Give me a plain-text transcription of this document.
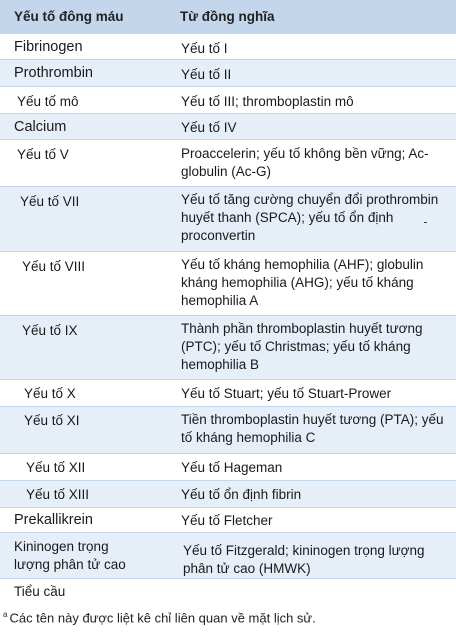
Yếu tố đông máu	Từ đồng nghĩa

Fibrinogen	Yếu tố I

Prothrombin	Yếu tố II

Yếu tố mô	Yếu tố III; thromboplastin mô

Calcium	Yếu tố IV

Yếu tố V	Proaccelerin; yếu tố không bền vững; Ac-globulin (Ac-G)

Yếu tố VII	Yếu tố tăng cường chuyển đổi prothrombin huyết thanh (SPCA); yếu tố ổn định proconvertin

Yếu tố VIII	Yếu tố kháng hemophilia (AHF); globulin kháng hemophilia (AHG); yếu tố kháng hemophilia A

Yếu tố IX	Thành phần thromboplastin huyết tương (PTC); yếu tố Christmas; yếu tố kháng hemophilia B

Yếu tố X	Yếu tố Stuart; yếu tố Stuart-Prower

Yếu tố XI	Tiền thromboplastin huyết tương (PTA); yếu tố kháng hemophilia C

Yếu tố XII	Yếu tố Hageman

Yếu tố XIII	Yếu tố ổn định fibrin

Prekallikrein	Yếu tố Fletcher

Kininogen trọng lượng phân tử cao	Yếu tố Fitzgerald; kininogen trọng lượng phân tử cao (HMWK)

Tiểu cầu	

$^a$ Các tên này được liệt kê chỉ liên quan về mặt lịch sử.
